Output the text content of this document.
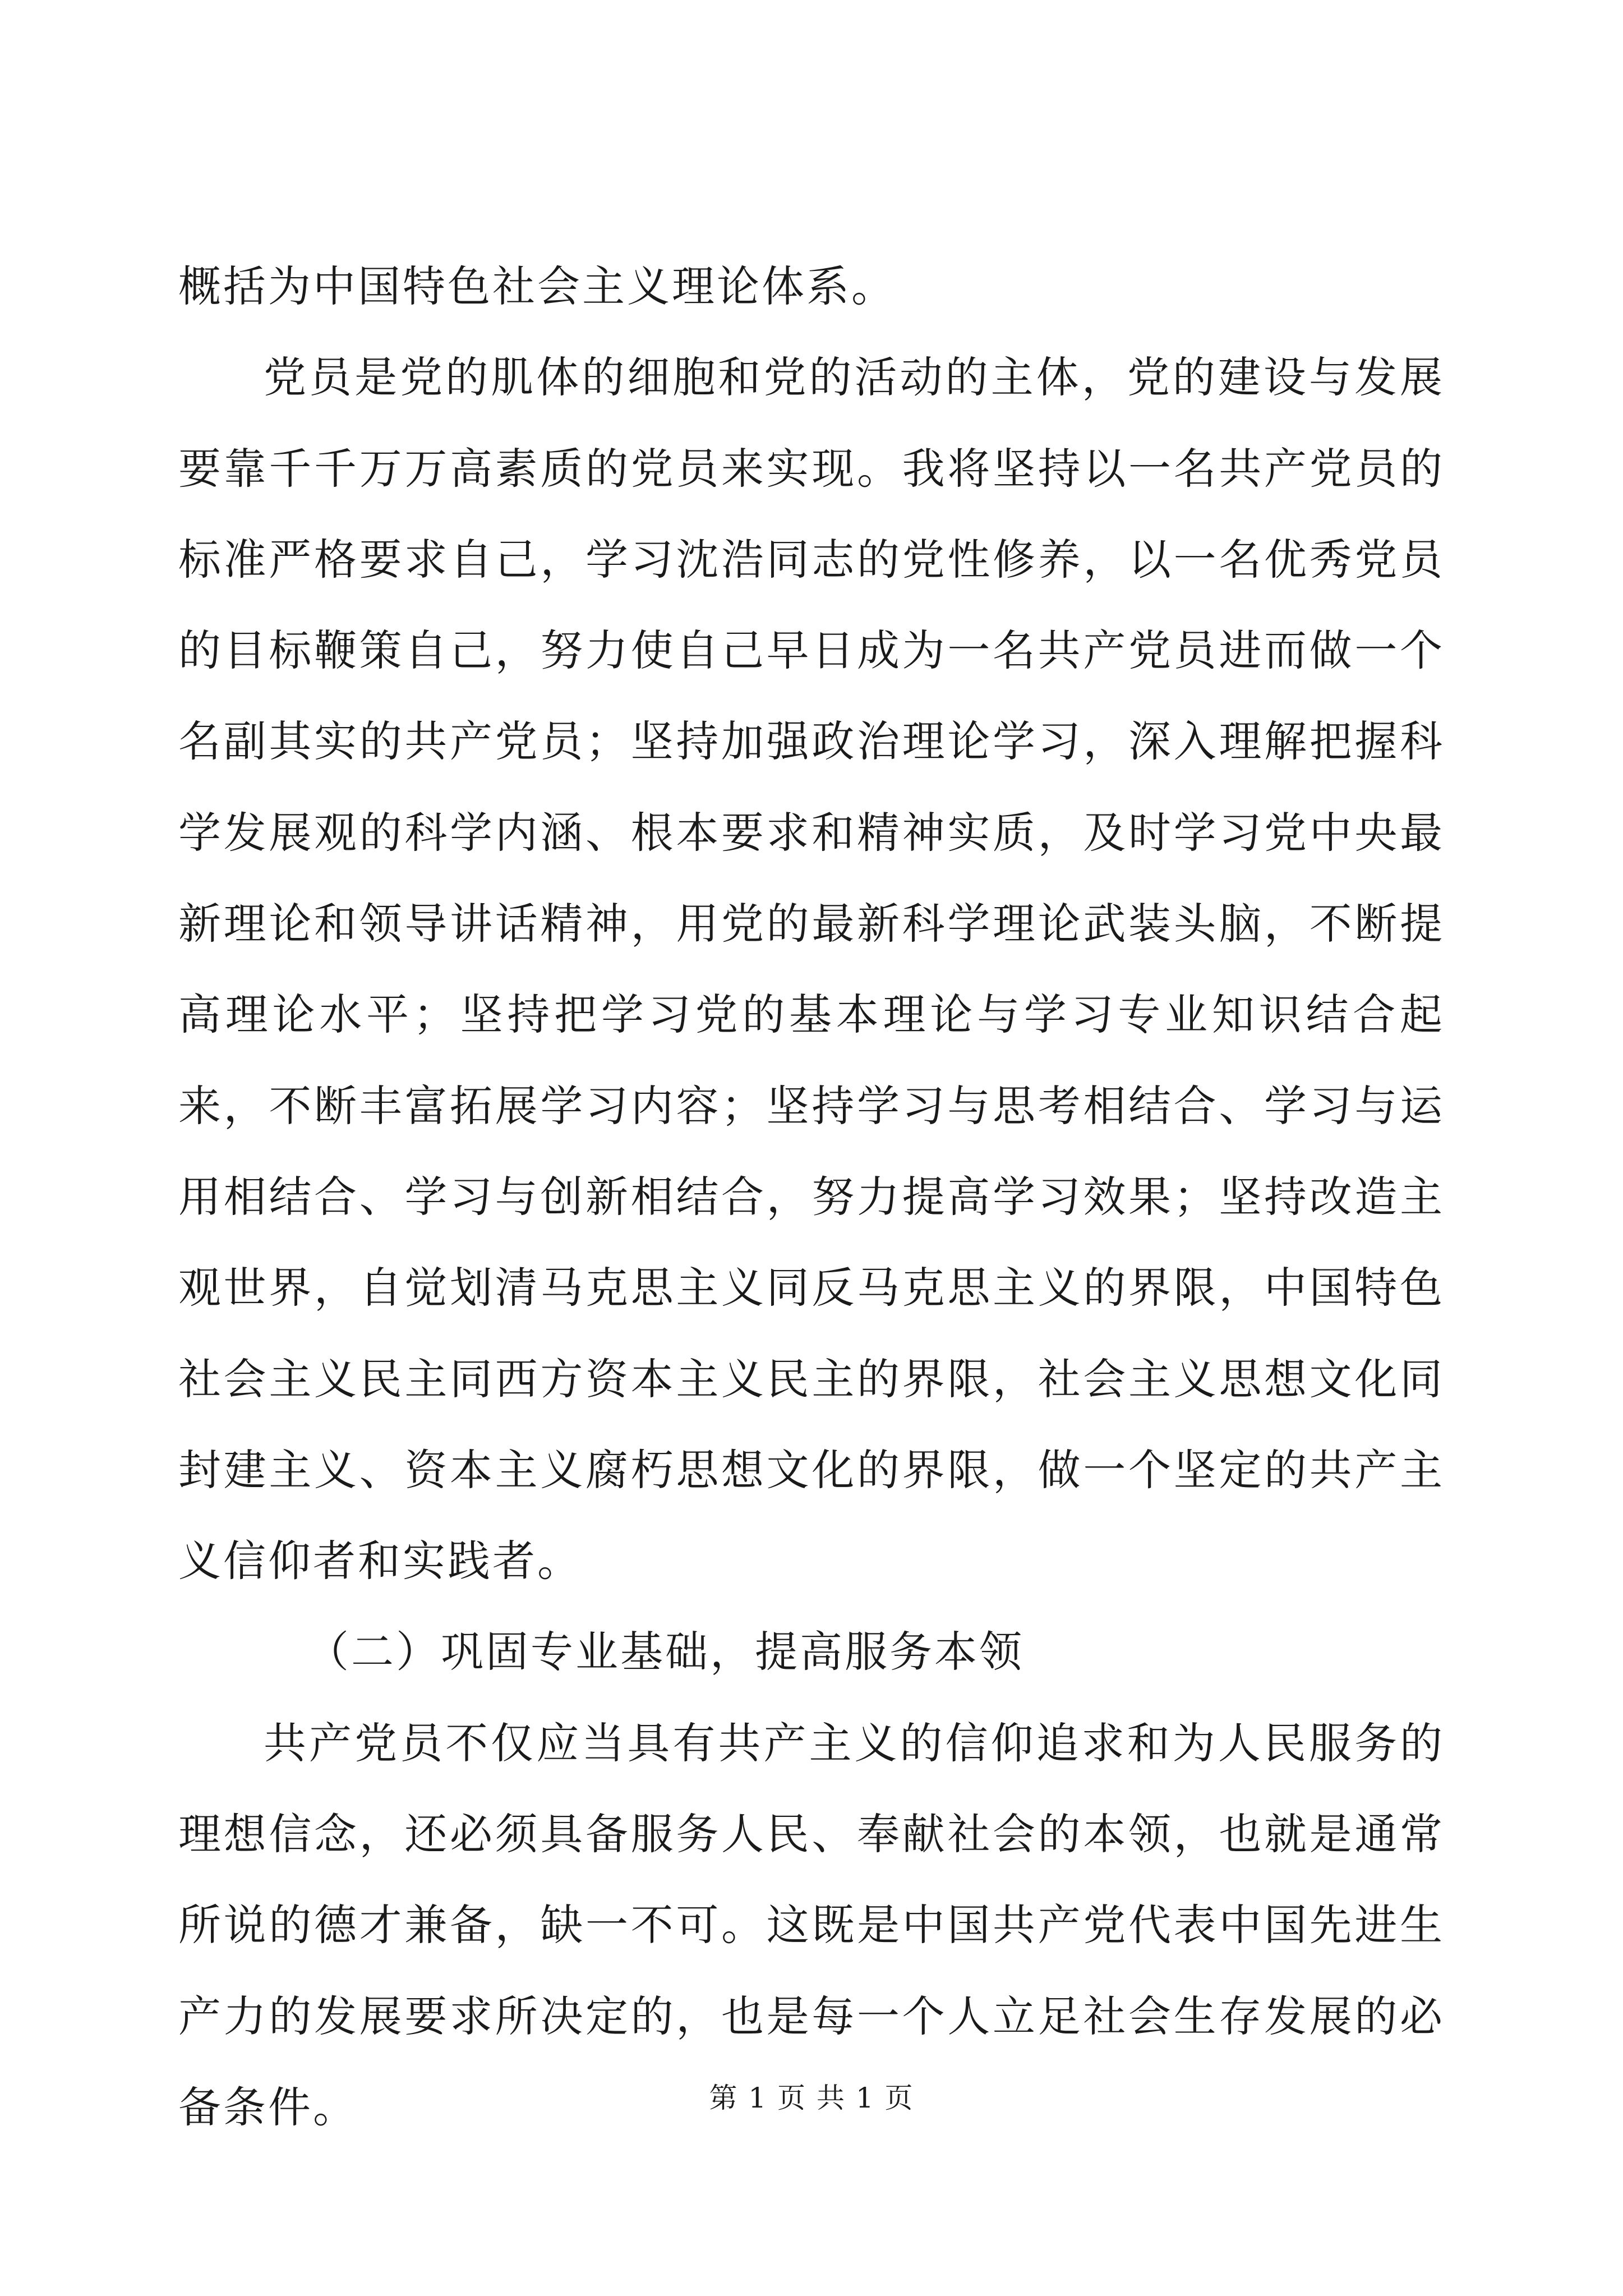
概括为中国特色社会主义理论体系。

党员是党的肌体的细胞和党的活动的主体，党的建设与发展要靠千千万万高素质的党员来实现。我将坚持以一名共产党员的标准严格要求自己，学习沈浩同志的党性修养，以一名优秀党员的目标鞭策自己，努力使自己早日成为一名共产党员进而做一个名副其实的共产党员；坚持加强政治理论学习，深入理解把握科学发展观的科学内涵、根本要求和精神实质，及时学习党中央最新理论和领导讲话精神，用党的最新科学理论武装头脑，不断提高理论水平；坚持把学习党的基本理论与学习专业知识结合起来，不断丰富拓展学习内容；坚持学习与思考相结合、学习与运用相结合、学习与创新相结合，努力提高学习效果；坚持改造主观世界，自觉划清马克思主义同反马克思主义的界限，中国特色社会主义民主同西方资本主义民主的界限，社会主义思想文化同封建主义、资本主义腐朽思想文化的界限，做一个坚定的共产主义信仰者和实践者。

（二）巩固专业基础，提高服务本领

共产党员不仅应当具有共产主义的信仰追求和为人民服务的理想信念，还必须具备服务人民、奉献社会的本领，也就是通常所说的德才兼备，缺一不可。这既是中国共产党代表中国先进生产力的发展要求所决定的，也是每一个人立足社会生存发展的必备条件。	第 1 页 共 1 页
